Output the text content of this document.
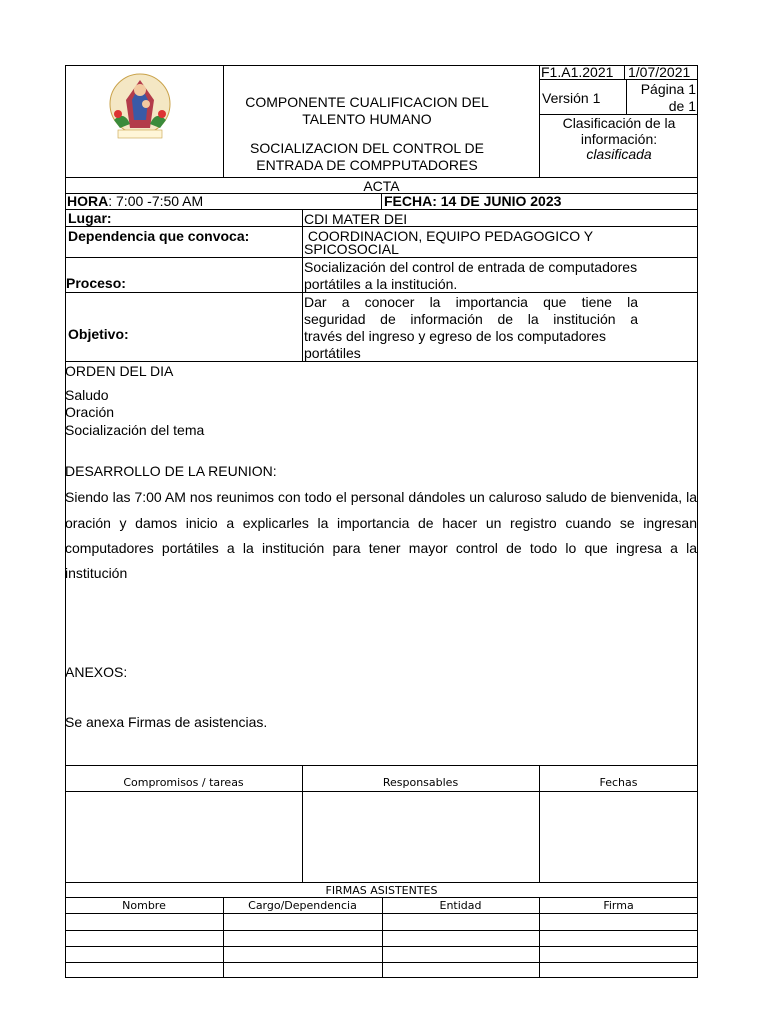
COMPONENTE CUALIFICACION DEL
TALENTO HUMANO
SOCIALIZACION DEL CONTROL DE
ENTRADA DE COMPPUTADORES
F1.A1.2021 1/07/2021
Versión 1
Página 1
de 1
Clasificación de la
información:
clasificada
ACTA
HORA: 7:00 -7:50 AM	FECHA: 14 DE JUNIO 2023
Lugar:	CDI MATER DEI
Dependencia que convoca:	COORDINACION, EQUIPO PEDAGOGICO Y
SPICOSOCIAL
Proceso:
Socialización del control de entrada de computadores
portátiles a la institución.
Objetivo:
Dar a conocer la importancia que tiene la
seguridad de información de la institución a
través del ingreso y egreso de los computadores
portátiles
ORDEN DEL DIA
Saludo
Oración
Socialización del tema
DESARROLLO DE LA REUNION:
Siendo las 7:00 AM nos reunimos con todo el personal dándoles un caluroso saludo de bienvenida, la
oración y damos inicio a explicarles la importancia de hacer un registro cuando se ingresan
computadores portátiles a la institución para tener mayor control de todo lo que ingresa a la
institución
ANEXOS:
Se anexa Firmas de asistencias.
Compromisos / tareas	Responsables	Fechas
FIRMAS ASISTENTES
Nombre	Cargo/Dependencia	Entidad	Firma
